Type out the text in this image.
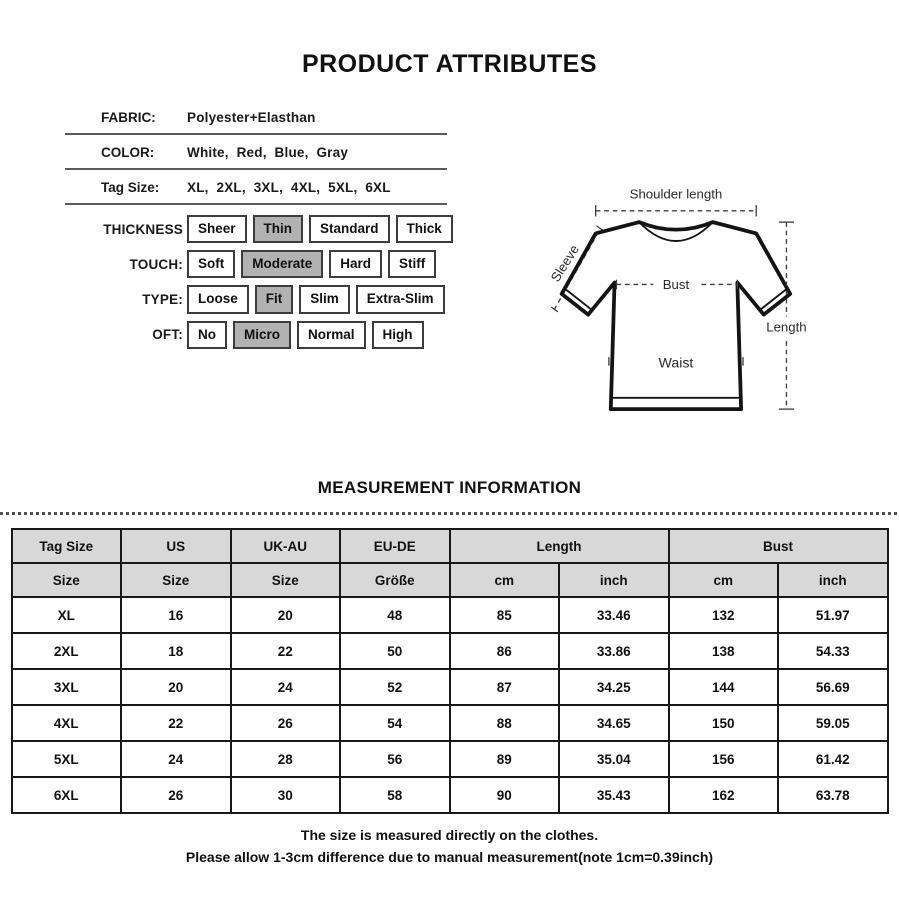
PRODUCT ATTRIBUTES
FABRIC:	Polyester+Elasthan
COLOR:	White,  Red,  Blue,  Gray
Tag Size:	XL,  2XL,  3XL,  4XL,  5XL,  6XL
THICKNESS	Sheer	Thin	Standard	Thick
TOUCH:	Soft	Moderate	Hard	Stiff
TYPE:	Loose	Fit	Slim	Extra-Slim
OFT:	No	Micro	Normal	High
Shoulder length
Sleeve
Bust
Waist
Length
MEASUREMENT INFORMATION
Tag Size	US	UK-AU	EU-DE	Length		Bust	
Size	Size	Size	Größe	cm	inch	cm	inch
XL	16	20	48	85	33.46	132	51.97
2XL	18	22	50	86	33.86	138	54.33
3XL	20	24	52	87	34.25	144	56.69
4XL	22	26	54	88	34.65	150	59.05
5XL	24	28	56	89	35.04	156	61.42
6XL	26	30	58	90	35.43	162	63.78

The size is measured directly on the clothes.

Please allow 1-3cm difference due to manual measurement(note 1cm=0.39inch)
